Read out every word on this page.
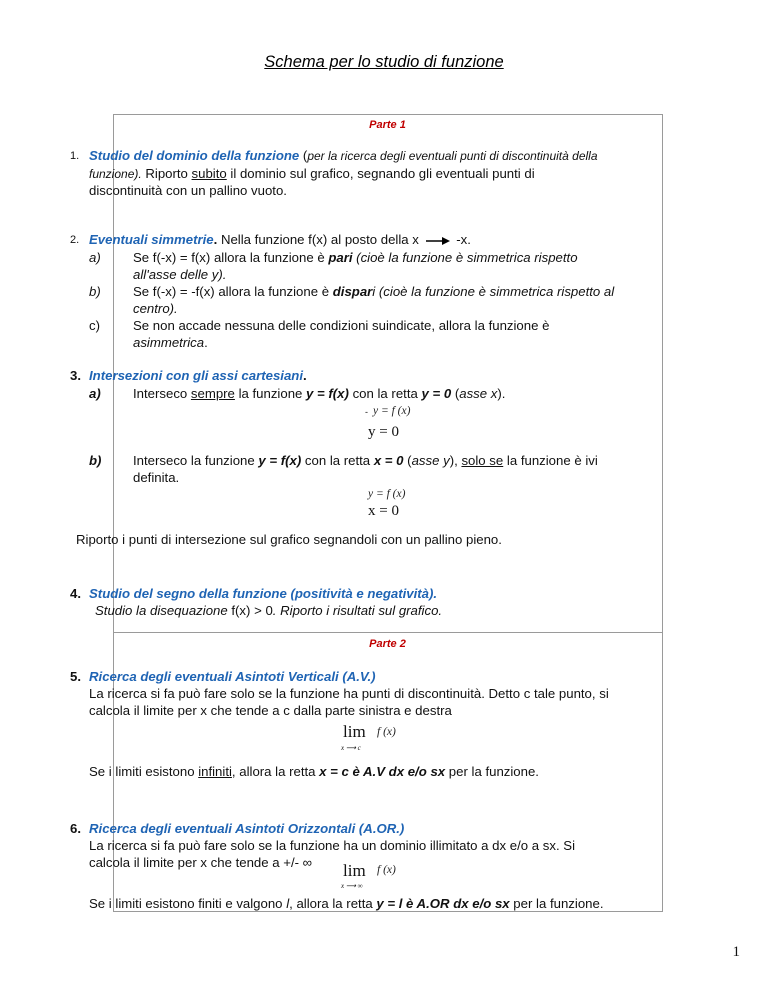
Schema per lo studio di funzione
Parte 1
Parte 2
1. Studio del dominio della funzione (per la ricerca degli eventuali punti di discontinuità della
funzione). Riporto subito il dominio sul grafico, segnando gli eventuali punti di
discontinuità con un pallino vuoto.
2. Eventuali simmetrie. Nella funzione f(x) al posto della x	-x.
a) Se f(-x) = f(x) allora la funzione è pari (cioè la funzione è simmetrica rispetto
all'asse delle y).
b) Se f(-x) = -f(x) allora la funzione è dispari (cioè la funzione è simmetrica rispetto al
centro).
c)	Se non accade nessuna delle condizioni suindicate, allora la funzione è
asimmetrica.
3. Intersezioni con gli assi cartesiani.
a) Interseco sempre la funzione y = f(x) con la retta y = 0 (asse x).
- y = f (x)
y = 0
b) Interseco la funzione y = f(x) con la retta x = 0 (asse y), solo se la funzione è ivi
definita.
y = f (x)
x = 0
Riporto i punti di intersezione sul grafico segnandoli con un pallino pieno.
4. Studio del segno della funzione (positività e negatività).
Studio la disequazione f(x) > 0. Riporto i risultati sul grafico.
5. Ricerca degli eventuali Asintoti Verticali (A.V.)
La ricerca si fa può fare solo se la funzione ha punti di discontinuità. Detto c tale punto, si
calcola il limite per x che tende a c dalla parte sinistra e destra
lim f (x)
x ⟶ c
Se i limiti esistono infiniti, allora la retta x = c è A.V dx e/o sx per la funzione.
6. Ricerca degli eventuali Asintoti Orizzontali (A.OR.)
La ricerca si fa può fare solo se la funzione ha un dominio illimitato a dx e/o a sx. Si
calcola il limite per x che tende a +/- ∞ lim f (x)
x ⟶ ∞
Se i limiti esistono finiti e valgono l, allora la retta y = l è A.OR dx e/o sx per la funzione.
1
